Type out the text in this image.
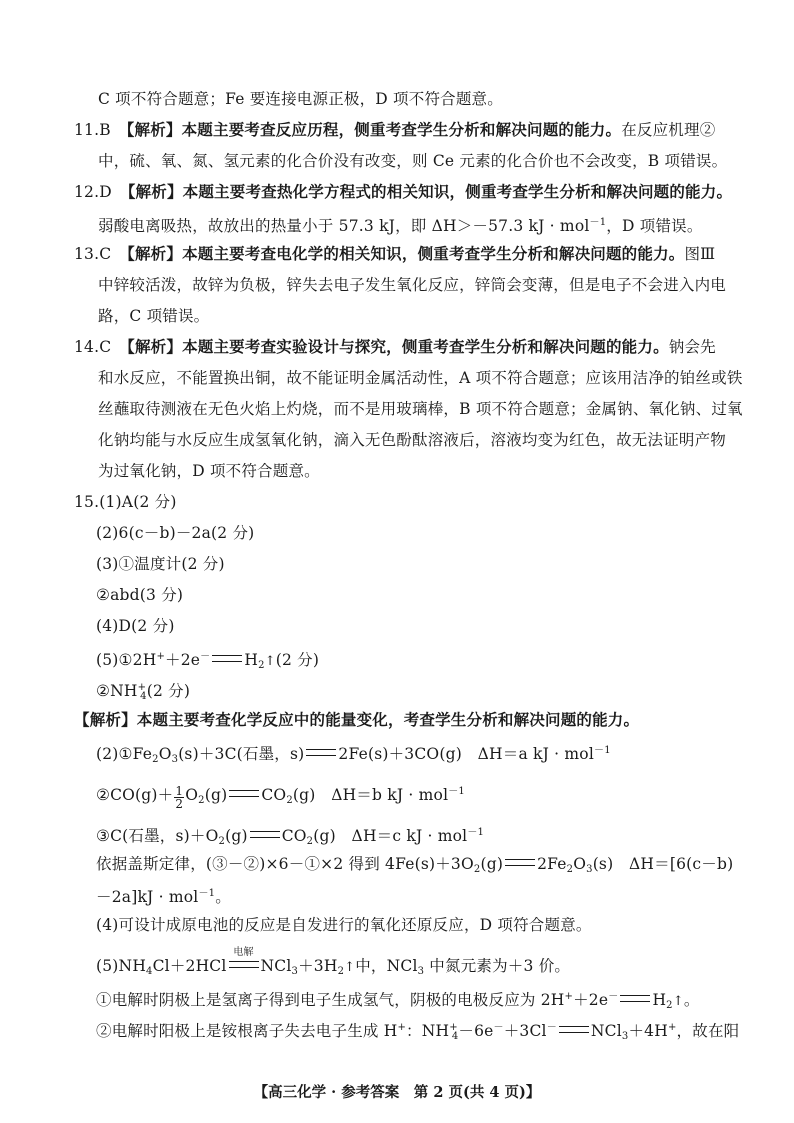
C 项不符合题意；Fe 要连接电源正极，D 项不符合题意。
11.B　 【解析】本题主要考查反应历程，侧重考查学生分析和解决问题的能力。在反应机理②
中，硫、氧、氮、氢元素的化合价没有改变，则 Ce 元素的化合价也不会改变，B 项错误。
12.D　 【解析】本题主要考查热化学方程式的相关知识，侧重考查学生分析和解决问题的能力。
弱酸电离吸热，故放出的热量小于 57.3 kJ，即 ΔH＞－57.3 kJ · mol$^{-1}$，D 项错误。
13.C　 【解析】本题主要考查电化学的相关知识，侧重考查学生分析和解决问题的能力。图Ⅲ
中锌较活泼，故锌为负极，锌失去电子发生氧化反应，锌筒会变薄，但是电子不会进入内电
路，C 项错误。
14.C　 【解析】本题主要考查实验设计与探究，侧重考查学生分析和解决问题的能力。钠会先
和水反应，不能置换出铜，故不能证明金属活动性，A 项不符合题意；应该用洁净的铂丝或铁
丝蘸取待测液在无色火焰上灼烧，而不是用玻璃棒，B 项不符合题意；金属钠、氧化钠、过氧
化钠均能与水反应生成氢氧化钠，滴入无色酚酞溶液后，溶液均变为红色，故无法证明产物
为过氧化钠，D 项不符合题意。
15.(1)A(2 分)
(2)6(c－b)－2a(2 分)
(3)①温度计(2 分)
②abd(3 分)
(4)D(2 分)
(5)①2H+＋2e－ $H_2↑(2$ 分)
$②NH^+_4(2$ 分)
【解析】本题主要考查化学反应中的能量变化，考查学生分析和解决问题的能力。
$(2)①Fe_2O_3(s)+3C$(石墨，s) 2Fe(s)＋3CO(g)　ΔH＝a kJ · mol$^{-1}$
②CO(g)＋ $\frac{1}{2} O_2(g)$ $CO_2(g)$　ΔH＝b kJ · mol$^{-1}$
③C(石墨，$s)+O_2(g)$ $CO_2(g)$　ΔH＝c kJ · mol$^{-1}$
依据盖斯定律，(③－②)×6－①×2 得到 $4Fe(s)+3O_2(g)$ $2Fe_2O_3(s)$　ΔH＝[6(c－b)
－2a]kJ · mol$^{-1}$。
(4)可设计成原电池的反应是自发进行的氧化还原反应，D 项符合题意。
$(5)NH_4Cl+2HCl$
电解
$NCl_3+3H_2↑$中，NCl$_3$ 中氮元素为＋3 价。
①电解时阴极上是氢离子得到电子生成氢气，阴极的电极反应为 2H+＋2e－ $H_2↑$。
②电解时阳极上是铵根离子失去电子生成 H+：$NH^+_4-6e^-+3Cl^-$ NCl$_3$＋4H+，故在阳
【高三化学 · 参考答案　第 2 页(共 4 页)】
